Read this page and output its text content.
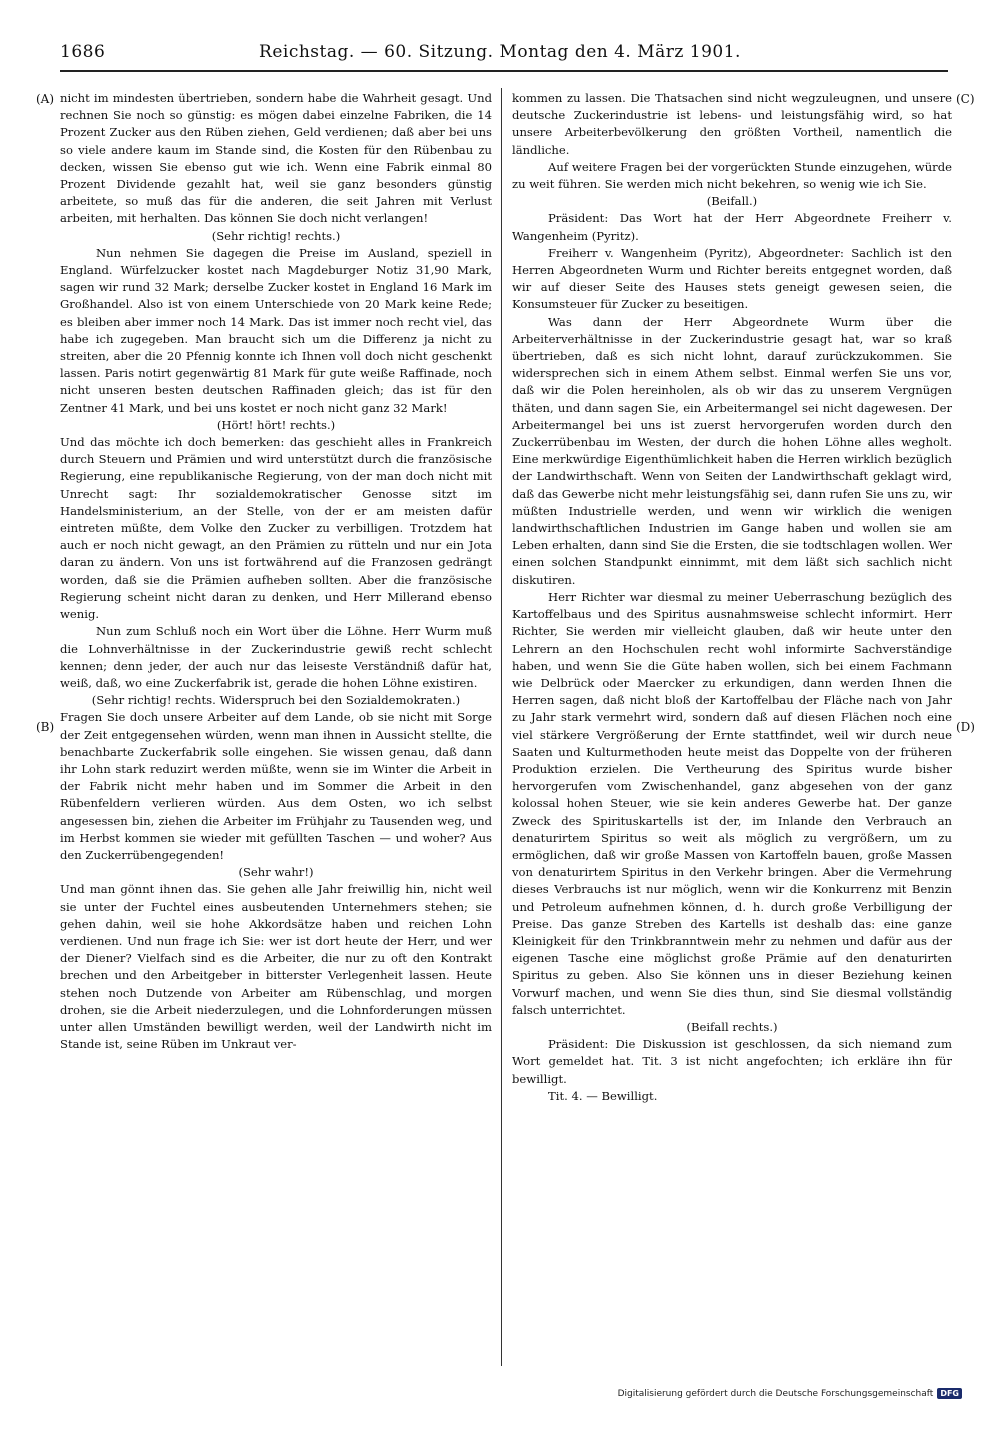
1686	Reichstag. — 60. Sitzung. Montag den 4. März 1901.
(A)
(B)
(C)
(D)

nicht im mindesten übertrieben, sondern habe die Wahrheit gesagt. Und rechnen Sie noch so günstig: es mögen dabei einzelne Fabriken, die 14 Prozent Zucker aus den Rüben ziehen, Geld verdienen; daß aber bei uns so viele andere kaum im Stande sind, die Kosten für den Rübenbau zu decken, wissen Sie ebenso gut wie ich. Wenn eine Fabrik einmal 80 Prozent Dividende gezahlt hat, weil sie ganz besonders günstig arbeitete, so muß das für die anderen, die seit Jahren mit Verlust arbeiten, mit herhalten. Das können Sie doch nicht verlangen!

(Sehr richtig! rechts.)

Nun nehmen Sie dagegen die Preise im Ausland, speziell in England. Würfelzucker kostet nach Magdeburger Notiz 31,90 Mark, sagen wir rund 32 Mark; derselbe Zucker kostet in England 16 Mark im Großhandel. Also ist von einem Unterschiede von 20 Mark keine Rede; es bleiben aber immer noch 14 Mark. Das ist immer noch recht viel, das habe ich zugegeben. Man braucht sich um die Differenz ja nicht zu streiten, aber die 20 Pfennig konnte ich Ihnen voll doch nicht geschenkt lassen. Paris notirt gegenwärtig 81 Mark für gute weiße Raffinade, noch nicht unseren besten deutschen Raffinaden gleich; das ist für den Zentner 41 Mark, und bei uns kostet er noch nicht ganz 32 Mark!

(Hört! hört! rechts.)

Und das möchte ich doch bemerken: das geschieht alles in Frankreich durch Steuern und Prämien und wird unterstützt durch die französische Regierung, eine republikanische Regierung, von der man doch nicht mit Unrecht sagt: Ihr sozialdemokratischer Genosse sitzt im Handelsministerium, an der Stelle, von der er am meisten dafür eintreten müßte, dem Volke den Zucker zu verbilligen. Trotzdem hat auch er noch nicht gewagt, an den Prämien zu rütteln und nur ein Jota daran zu ändern. Von uns ist fortwährend auf die Franzosen gedrängt worden, daß sie die Prämien aufheben sollten. Aber die französische Regierung scheint nicht daran zu denken, und Herr Millerand ebenso wenig.

Nun zum Schluß noch ein Wort über die Löhne. Herr Wurm muß die Lohnverhältnisse in der Zuckerindustrie gewiß recht schlecht kennen; denn jeder, der auch nur das leiseste Verständniß dafür hat, weiß, daß, wo eine Zuckerfabrik ist, gerade die hohen Löhne existiren.

(Sehr richtig! rechts. Widerspruch bei den Sozialdemokraten.)

Fragen Sie doch unsere Arbeiter auf dem Lande, ob sie nicht mit Sorge der Zeit entgegensehen würden, wenn man ihnen in Aussicht stellte, die benachbarte Zuckerfabrik solle eingehen. Sie wissen genau, daß dann ihr Lohn stark reduzirt werden müßte, wenn sie im Winter die Arbeit in der Fabrik nicht mehr haben und im Sommer die Arbeit in den Rübenfeldern verlieren würden. Aus dem Osten, wo ich selbst angesessen bin, ziehen die Arbeiter im Frühjahr zu Tausenden weg, und im Herbst kommen sie wieder mit gefüllten Taschen — und woher? Aus den Zuckerrübengegenden!

(Sehr wahr!)

Und man gönnt ihnen das. Sie gehen alle Jahr freiwillig hin, nicht weil sie unter der Fuchtel eines ausbeutenden Unternehmers stehen; sie gehen dahin, weil sie hohe Akkordsätze haben und reichen Lohn verdienen. Und nun frage ich Sie: wer ist dort heute der Herr, und wer der Diener? Vielfach sind es die Arbeiter, die nur zu oft den Kontrakt brechen und den Arbeitgeber in bitterster Verlegenheit lassen. Heute stehen noch Dutzende von Arbeiter am Rübenschlag, und morgen drohen, sie die Arbeit niederzulegen, und die Lohnforderungen müssen unter allen Umständen bewilligt werden, weil der Landwirth nicht im Stande ist, seine Rüben im Unkraut ver-

kommen zu lassen. Die Thatsachen sind nicht wegzuleugnen, und unsere deutsche Zuckerindustrie ist lebens- und leistungsfähig wird, so hat unsere Arbeiterbevölkerung den größten Vortheil, namentlich die ländliche.

Auf weitere Fragen bei der vorgerückten Stunde einzugehen, würde zu weit führen. Sie werden mich nicht bekehren, so wenig wie ich Sie.

(Beifall.)

Präsident: Das Wort hat der Herr Abgeordnete Freiherr v. Wangenheim (Pyritz).

Freiherr v. Wangenheim (Pyritz), Abgeordneter: Sachlich ist den Herren Abgeordneten Wurm und Richter bereits entgegnet worden, daß wir auf dieser Seite des Hauses stets geneigt gewesen seien, die Konsumsteuer für Zucker zu beseitigen.

Was dann der Herr Abgeordnete Wurm über die Arbeiterverhältnisse in der Zuckerindustrie gesagt hat, war so kraß übertrieben, daß es sich nicht lohnt, darauf zurückzukommen. Sie widersprechen sich in einem Athem selbst. Einmal werfen Sie uns vor, daß wir die Polen hereinholen, als ob wir das zu unserem Vergnügen thäten, und dann sagen Sie, ein Arbeitermangel sei nicht dagewesen. Der Arbeitermangel bei uns ist zuerst hervorgerufen worden durch den Zuckerrübenbau im Westen, der durch die hohen Löhne alles wegholt. Eine merkwürdige Eigenthümlichkeit haben die Herren wirklich bezüglich der Landwirthschaft. Wenn von Seiten der Landwirthschaft geklagt wird, daß das Gewerbe nicht mehr leistungsfähig sei, dann rufen Sie uns zu, wir müßten Industrielle werden, und wenn wir wirklich die wenigen landwirthschaftlichen Industrien im Gange haben und wollen sie am Leben erhalten, dann sind Sie die Ersten, die sie todtschlagen wollen. Wer einen solchen Standpunkt einnimmt, mit dem läßt sich sachlich nicht diskutiren.

Herr Richter war diesmal zu meiner Ueberraschung bezüglich des Kartoffelbaus und des Spiritus ausnahmsweise schlecht informirt. Herr Richter, Sie werden mir vielleicht glauben, daß wir heute unter den Lehrern an den Hochschulen recht wohl informirte Sachverständige haben, und wenn Sie die Güte haben wollen, sich bei einem Fachmann wie Delbrück oder Maercker zu erkundigen, dann werden Ihnen die Herren sagen, daß nicht bloß der Kartoffelbau der Fläche nach von Jahr zu Jahr stark vermehrt wird, sondern daß auf diesen Flächen noch eine viel stärkere Vergrößerung der Ernte stattfindet, weil wir durch neue Saaten und Kulturmethoden heute meist das Doppelte von der früheren Produktion erzielen. Die Vertheurung des Spiritus wurde bisher hervorgerufen vom Zwischenhandel, ganz abgesehen von der ganz kolossal hohen Steuer, wie sie kein anderes Gewerbe hat. Der ganze Zweck des Spirituskartells ist der, im Inlande den Verbrauch an denaturirtem Spiritus so weit als möglich zu vergrößern, um zu ermöglichen, daß wir große Massen von Kartoffeln bauen, große Massen von denaturirtem Spiritus in den Verkehr bringen. Aber die Vermehrung dieses Verbrauchs ist nur möglich, wenn wir die Konkurrenz mit Benzin und Petroleum aufnehmen können, d. h. durch große Verbilligung der Preise. Das ganze Streben des Kartells ist deshalb das: eine ganze Kleinigkeit für den Trinkbranntwein mehr zu nehmen und dafür aus der eigenen Tasche eine möglichst große Prämie auf den denaturirten Spiritus zu geben. Also Sie können uns in dieser Beziehung keinen Vorwurf machen, und wenn Sie dies thun, sind Sie diesmal vollständig falsch unterrichtet.

(Beifall rechts.)

Präsident: Die Diskussion ist geschlossen, da sich niemand zum Wort gemeldet hat. Tit. 3 ist nicht angefochten; ich erkläre ihn für bewilligt.

Tit. 4. — Bewilligt.

Digitalisierung gefördert durch die Deutsche Forschungsgemeinschaft DFG
